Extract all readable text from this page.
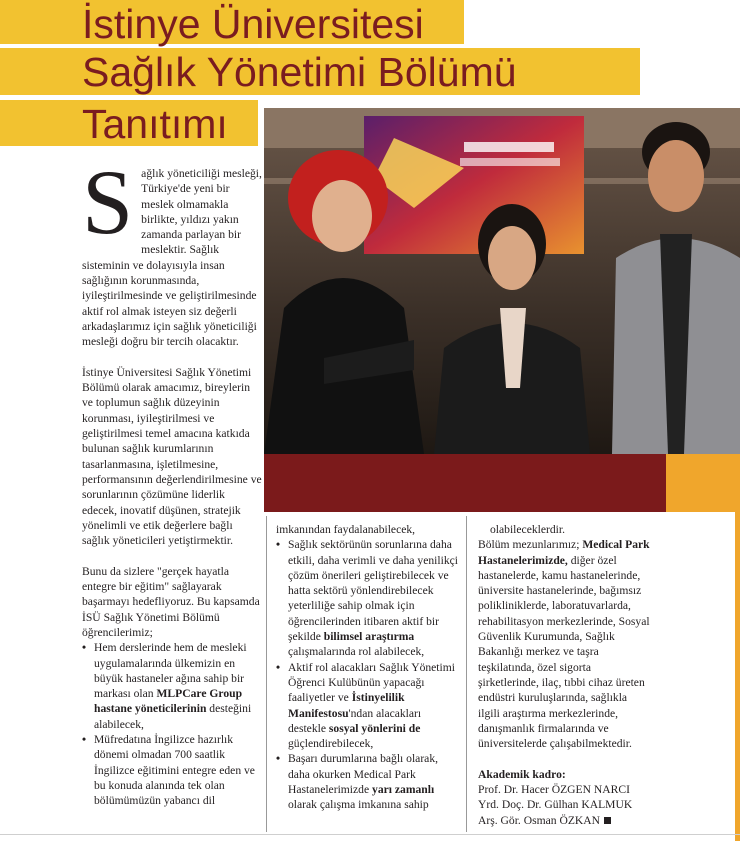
İstinye Üniversitesi
Sağlık Yönetimi Bölümü
Tanıtımı
S ağlık yöneticiliği mesleği, Türkiye'de yeni bir meslek olmamakla birlikte, yıldızı yakın zamanda parlayan bir meslektir. Sağlık sisteminin ve dolayısıyla insan sağlığının korunmasında, iyileştirilmesinde ve geliştirilmesinde aktif rol almak isteyen siz değerli arkadaşlarımız için sağlık yöneticiliği mesleği doğru bir tercih olacaktır.

İstinye Üniversitesi Sağlık Yönetimi Bölümü olarak amacımız, bireylerin ve toplumun sağlık düzeyinin korunması, iyileştirilmesi ve geliştirilmesi temel amacına katkıda bulunan sağlık kurumlarının tasarlanmasına, işletilmesine, performansının değerlendirilmesine ve sorunlarının çözümüne liderlik edecek, inovatif düşünen, stratejik yönelimli ve etik değerlere bağlı sağlık yöneticileri yetiştirmektir.

Bunu da sizlere "gerçek hayatla entegre bir eğitim" sağlayarak başarmayı hedefliyoruz. Bu kapsamda İSÜ Sağlık Yönetimi Bölümü öğrencilerimiz;

• Hem derslerinde hem de mesleki uygulamalarında ülkemizin en büyük hastaneler ağına sahip bir markası olan MLPCare Group hastane yöneticilerinin desteğini alabilecek,

• Müfredatına İngilizce hazırlık dönemi olmadan 700 saatlik İngilizce eğitimini entegre eden ve bu konuda alanında tek olan bölümümüzün yabancı dil

imkanından faydalanabilecek,

• Sağlık sektörünün sorunlarına daha etkili, daha verimli ve daha yenilikçi çözüm önerileri geliştirebilecek ve hatta sektörü yönlendirebilecek yeterliliğe sahip olmak için öğrencilerinden itibaren aktif bir şekilde bilimsel araştırma çalışmalarında rol alabilecek,

• Aktif rol alacakları Sağlık Yönetimi Öğrenci Kulübünün yapacağı faaliyetler ve İstinyelilik Manifestosu'ndan alacakları destekle sosyal yönlerini de güçlendirebilecek,

• Başarı durumlarına bağlı olarak, daha okurken Medical Park Hastanelerimizde yarı zamanlı olarak çalışma imkanına sahip

olabileceklerdir.

Bölüm mezunlarımız; Medical Park Hastanelerimizde, diğer özel hastanelerde, kamu hastanelerinde, üniversite hastanelerinde, bağımsız polikliniklerde, laboratuvarlarda, rehabilitasyon merkezlerinde, Sosyal Güvenlik Kurumunda, Sağlık Bakanlığı merkez ve taşra teşkilatında, özel sigorta şirketlerinde, ilaç, tıbbi cihaz üreten endüstri kuruluşlarında, sağlıkla ilgili araştırma merkezlerinde, danışmanlık firmalarında ve üniversitelerde çalışabilmektedir.

Akademik kadro:

Prof. Dr. Hacer ÖZGEN NARCI

Yrd. Doç. Dr. Gülhan KALMUK

Arş. Gör. Osman ÖZKAN
